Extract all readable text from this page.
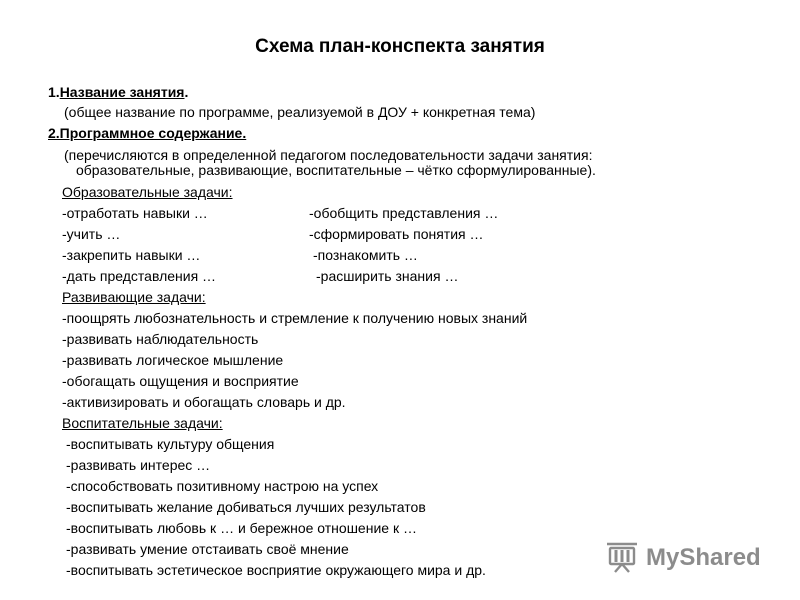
Схема план-конспекта занятия
1.Название занятия.
(общее название по программе, реализуемой в ДОУ + конкретная тема)
2.Программное содержание.
(перечисляются в определенной педагогом последовательности задачи занятия:
образовательные, развивающие, воспитательные – чётко сформулированные).
Образовательные задачи:
-отработать навыки …	-обобщить представления …
-учить …	-сформировать понятия …
-закрепить навыки …	-познакомить …
-дать представления …	-расширить знания …
Развивающие задачи:
-поощрять любознательность и стремление к получению новых знаний
-развивать наблюдательность
-развивать логическое мышление
-обогащать ощущения и восприятие
-активизировать и обогащать словарь и др.
Воспитательные задачи:
-воспитывать культуру общения
-развивать интерес …
-способствовать позитивному настрою на успех
-воспитывать желание добиваться лучших результатов
-воспитывать любовь к … и бережное отношение к …
-развивать умение отстаивать своё мнение
-воспитывать эстетическое восприятие окружающего мира и др.	MyShared
